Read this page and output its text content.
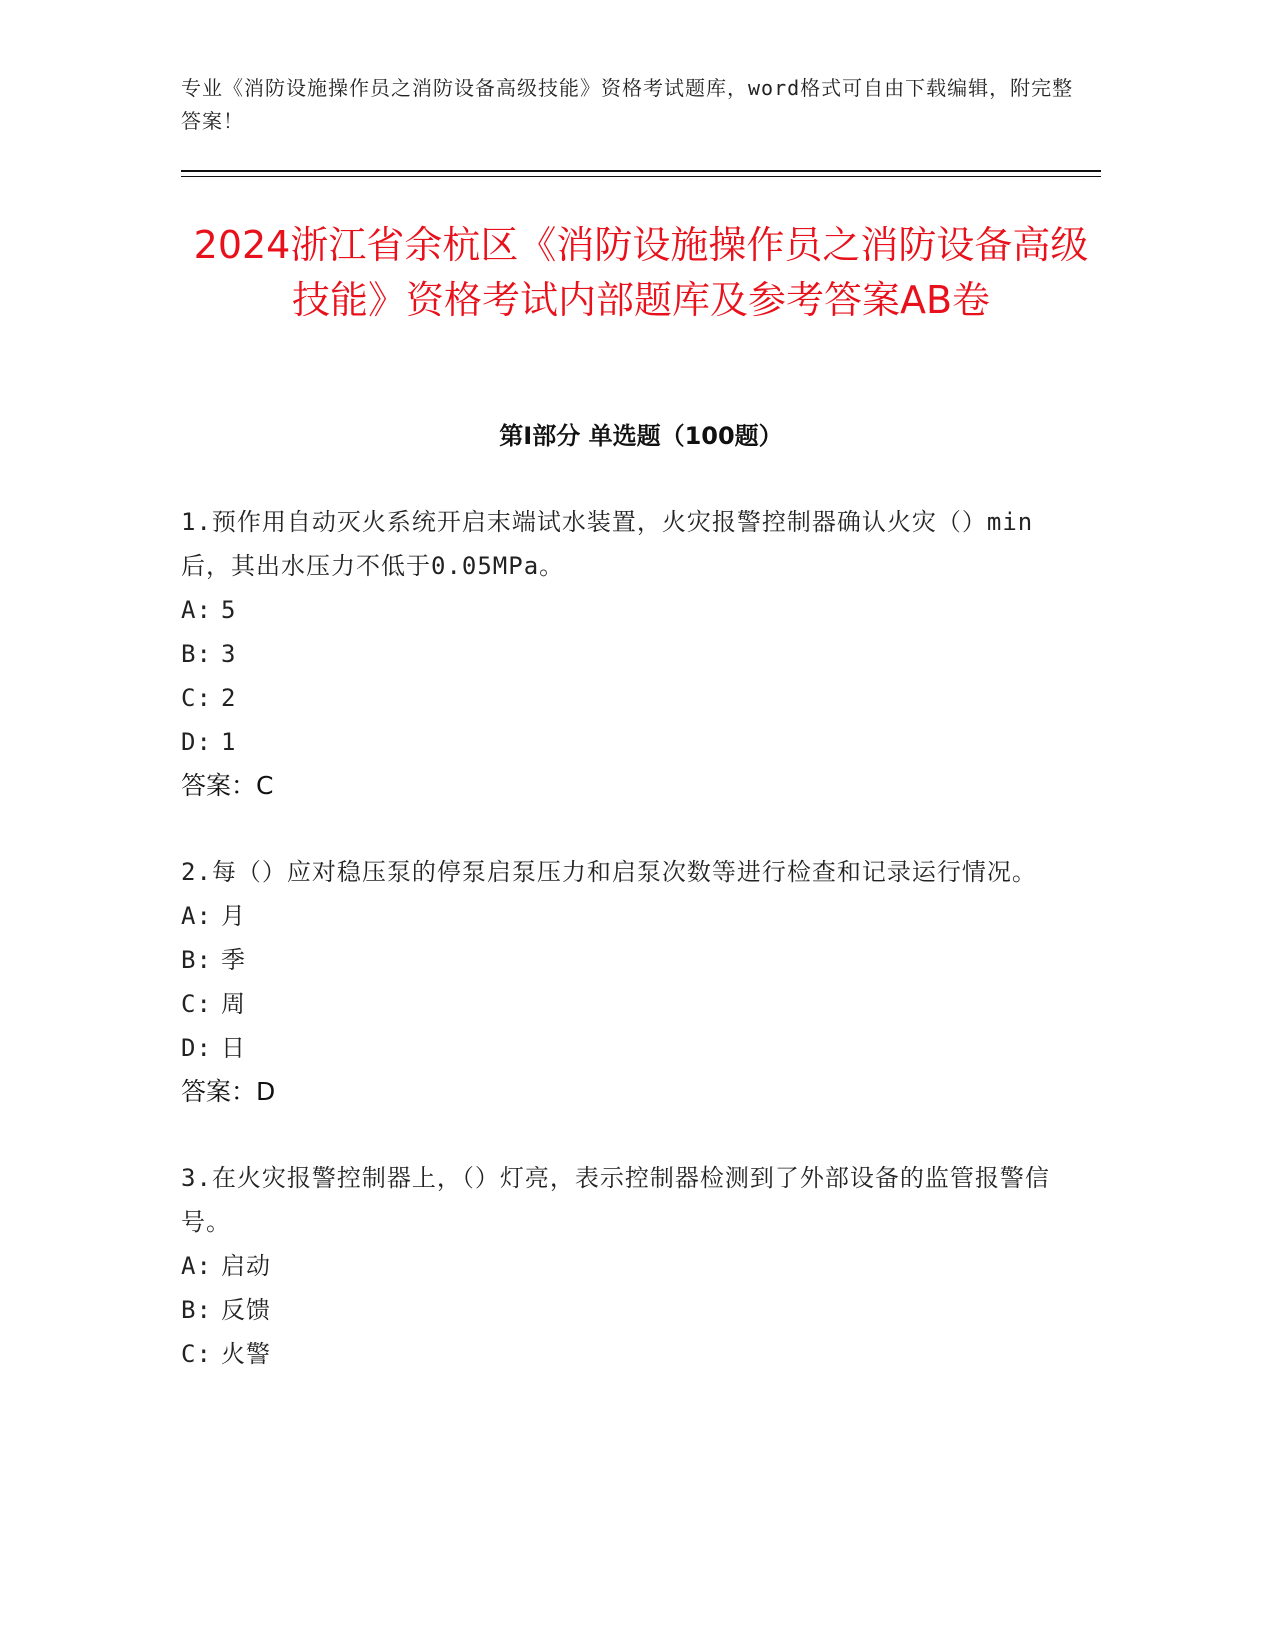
专业《消防设施操作员之消防设备高级技能》资格考试题库，word格式可自由下载编辑，附完整答案！
2024浙江省余杭区《消防设施操作员之消防设备高级技能》资格考试内部题库及参考答案AB卷
第I部分 单选题（100题）
1.预作用自动灭火系统开启末端试水装置，火灾报警控制器确认火灾（）min后，其出水压力不低于0.05MPa。
A: 5
B: 3
C: 2
D: 1
答案：C
2.每（）应对稳压泵的停泵启泵压力和启泵次数等进行检查和记录运行情况。
A: 月
B: 季
C: 周
D: 日
答案：D
3.在火灾报警控制器上，（）灯亮，表示控制器检测到了外部设备的监管报警信号。
A: 启动
B: 反馈
C: 火警
